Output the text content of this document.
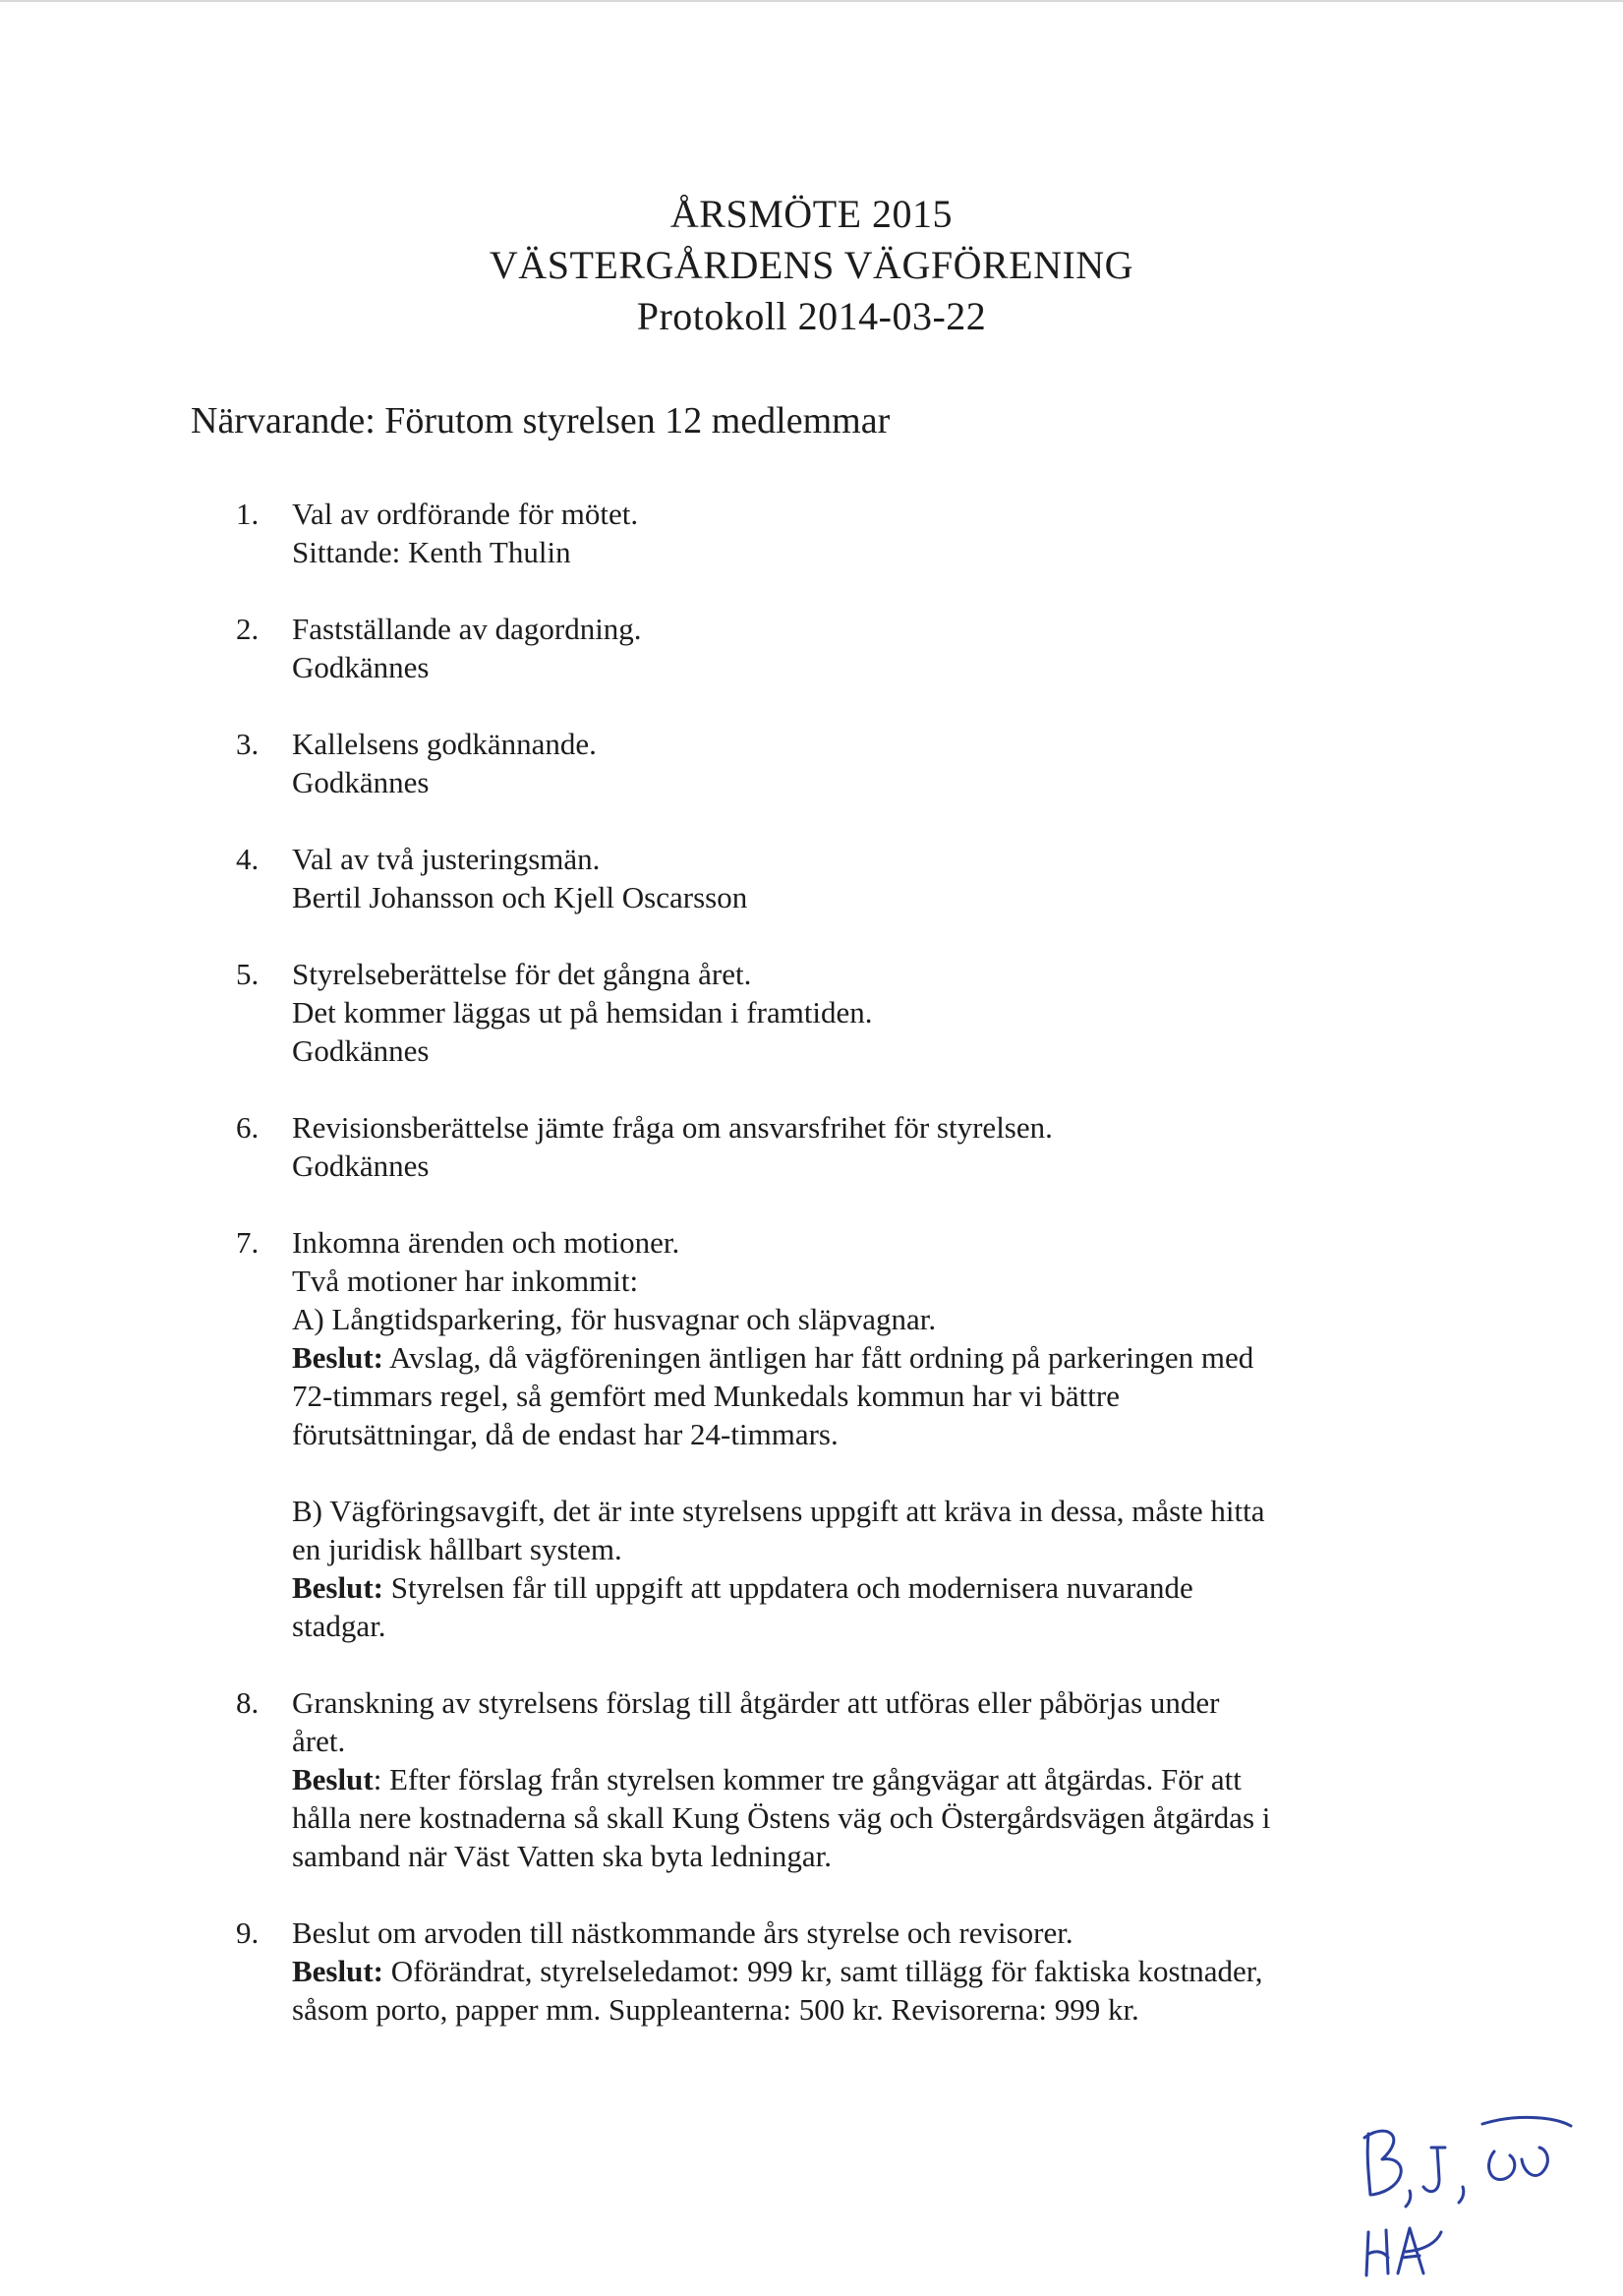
ÅRSMÖTE 2015
VÄSTERGÅRDENS VÄGFÖRENING
Protokoll 2014-03-22
Närvarande: Förutom styrelsen 12 medlemmar
1. Val av ordförande för mötet.
Sittande: Kenth Thulin
2. Fastställande av dagordning.
Godkännes
3. Kallelsens godkännande.
Godkännes
4. Val av två justeringsmän.
Bertil Johansson och Kjell Oscarsson
5. Styrelseberättelse för det gångna året.
Det kommer läggas ut på hemsidan i framtiden.
Godkännes
6. Revisionsberättelse jämte fråga om ansvarsfrihet för styrelsen.
Godkännes
7. Inkomna ärenden och motioner.
Två motioner har inkommit:
A) Långtidsparkering, för husvagnar och släpvagnar.
Beslut: Avslag, då vägföreningen äntligen har fått ordning på parkeringen med
72-timmars regel, så gemfört med Munkedals kommun har vi bättre
förutsättningar, då de endast har 24-timmars.
B) Vägföringsavgift, det är inte styrelsens uppgift att kräva in dessa, måste hitta
en juridisk hållbart system.
Beslut: Styrelsen får till uppgift att uppdatera och modernisera nuvarande
stadgar.
8. Granskning av styrelsens förslag till åtgärder att utföras eller påbörjas under
året.
Beslut: Efter förslag från styrelsen kommer tre gångvägar att åtgärdas. För att
hålla nere kostnaderna så skall Kung Östens väg och Östergårdsvägen åtgärdas i
samband när Väst Vatten ska byta ledningar.
9. Beslut om arvoden till nästkommande års styrelse och revisorer.
Beslut: Oförändrat, styrelseledamot: 999 kr, samt tillägg för faktiska kostnader,
såsom porto, papper mm. Suppleanterna: 500 kr. Revisorerna: 999 kr.
